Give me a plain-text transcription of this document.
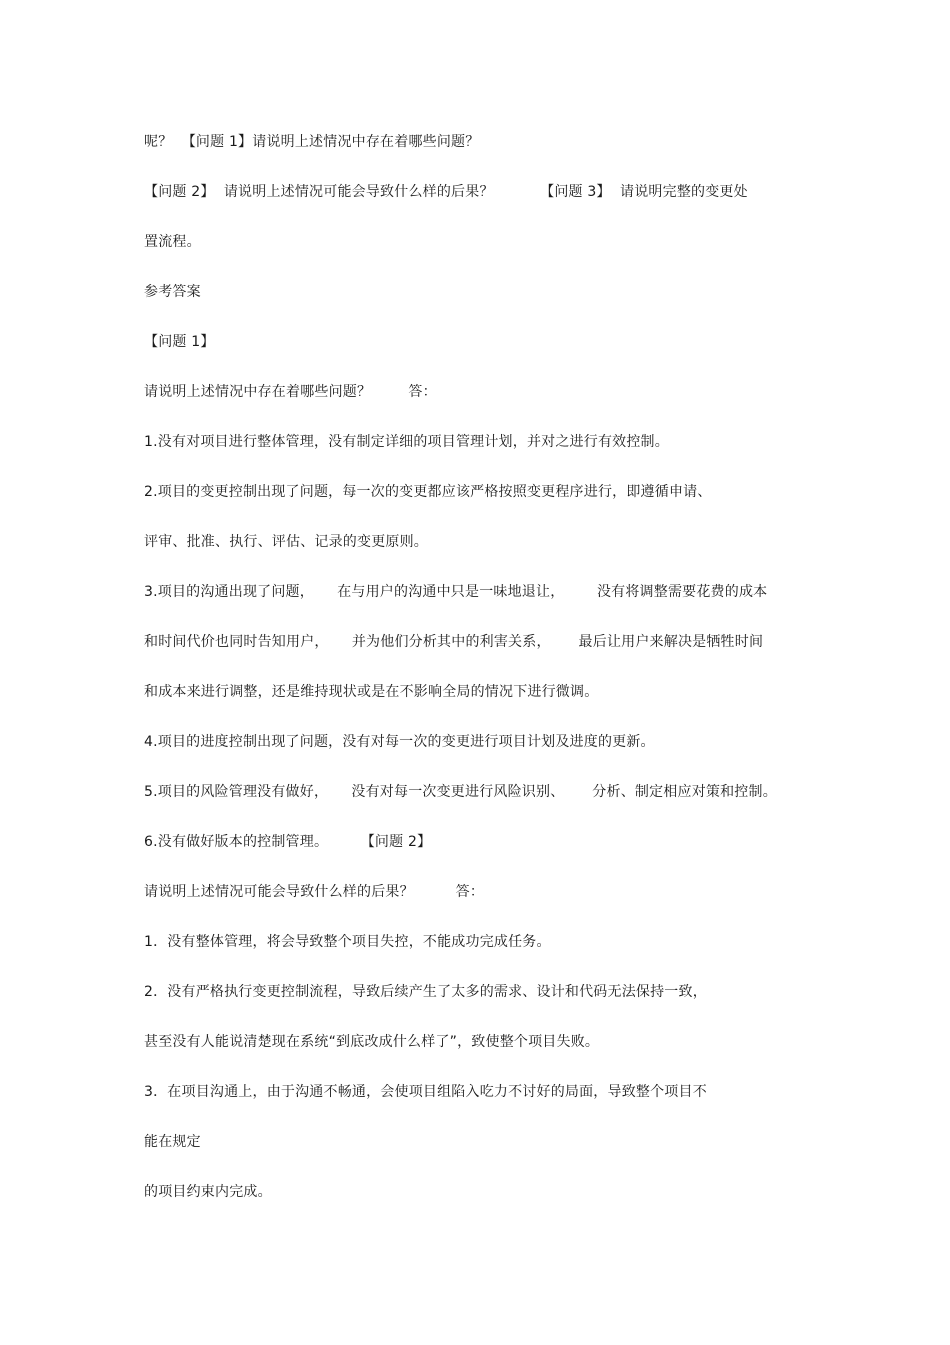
呢？  【问题 1】请说明上述情况中存在着哪些问题？
【问题 2】  请说明上述情况可能会导致什么样的后果？          【问题 3】  请说明完整的变更处
置流程。
参考答案
【问题 1】
请说明上述情况中存在着哪些问题？        答：
1.没有对项目进行整体管理，没有制定详细的项目管理计划，并对之进行有效控制。
2.项目的变更控制出现了问题，每一次的变更都应该严格按照变更程序进行，即遵循申请、
评审、批准、执行、评估、记录的变更原则。
3.项目的沟通出现了问题，     在与用户的沟通中只是一味地退让，       没有将调整需要花费的成本
和时间代价也同时告知用户，     并为他们分析其中的利害关系，      最后让用户来解决是牺牲时间
和成本来进行调整，还是维持现状或是在不影响全局的情况下进行微调。
4.项目的进度控制出现了问题，没有对每一次的变更进行项目计划及进度的更新。
5.项目的风险管理没有做好，     没有对每一次变更进行风险识别、      分析、制定相应对策和控制。
6.没有做好版本的控制管理。       【问题 2】
请说明上述情况可能会导致什么样的后果？         答：
1．没有整体管理，将会导致整个项目失控，不能成功完成任务。
2．没有严格执行变更控制流程，导致后续产生了太多的需求、设计和代码无法保持一致，
甚至没有人能说清楚现在系统“到底改成什么样了”，致使整个项目失败。
3．在项目沟通上，由于沟通不畅通，会使项目组陷入吃力不讨好的局面，导致整个项目不
能在规定
的项目约束内完成。
